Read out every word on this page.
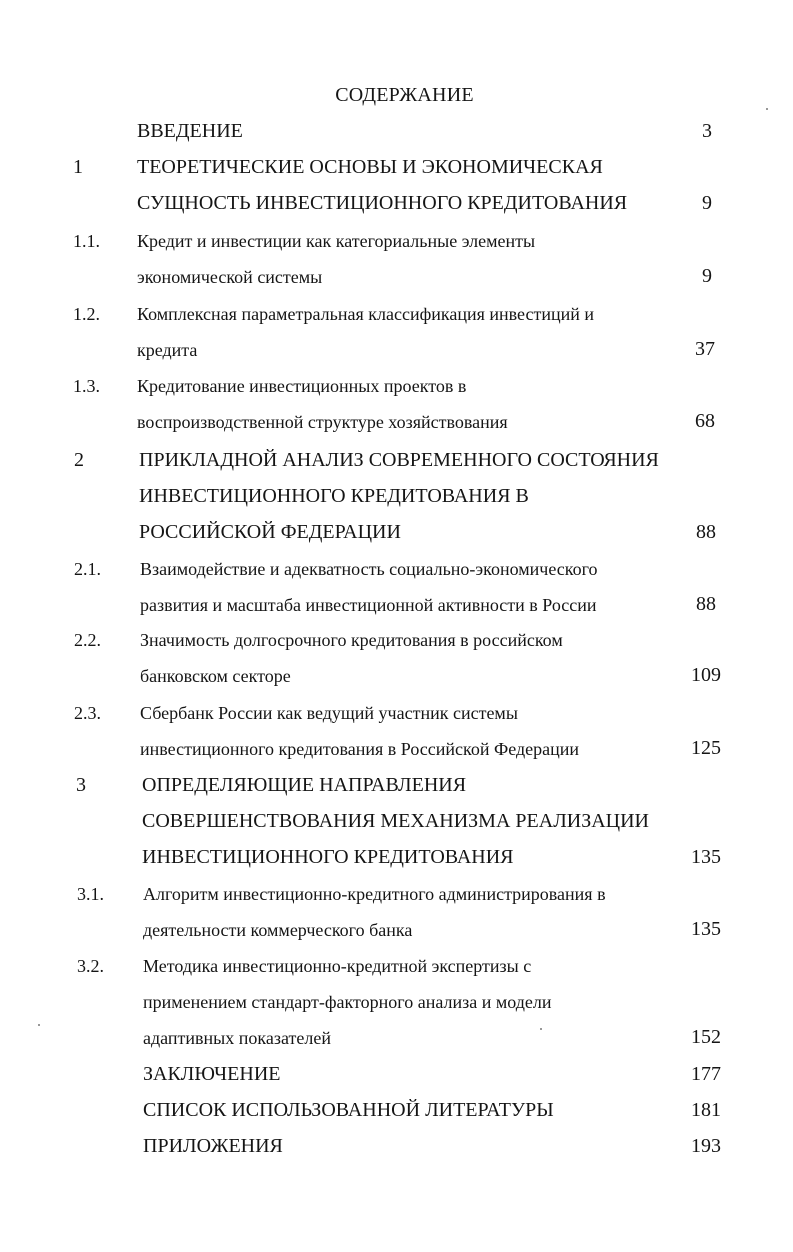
СОДЕРЖАНИЕ
ВВЕДЕНИЕ	3
1	ТЕОРЕТИЧЕСКИЕ ОСНОВЫ И ЭКОНОМИЧЕСКАЯ
СУЩНОСТЬ ИНВЕСТИЦИОННОГО КРЕДИТОВАНИЯ	9
1.1. Кредит и инвестиции как категориальные элементы
экономической системы	9
1.2. Комплексная параметральная классификация инвестиций и
кредита	37
1.3. Кредитование инвестиционных проектов в
воспроизводственной структуре хозяйствования	68
2	ПРИКЛАДНОЙ АНАЛИЗ СОВРЕМЕННОГО СОСТОЯНИЯ
ИНВЕСТИЦИОННОГО КРЕДИТОВАНИЯ В
РОССИЙСКОЙ ФЕДЕРАЦИИ	88
2.1. Взаимодействие и адекватность социально-экономического
развития и масштаба инвестиционной активности в России	88
2.2. Значимость долгосрочного кредитования в российском
банковском секторе	109
2.3. Сбербанк России как ведущий участник системы
инвестиционного кредитования в Российской Федерации	125
3	ОПРЕДЕЛЯЮЩИЕ НАПРАВЛЕНИЯ
СОВЕРШЕНСТВОВАНИЯ МЕХАНИЗМА РЕАЛИЗАЦИИ
ИНВЕСТИЦИОННОГО КРЕДИТОВАНИЯ	135
3.1. Алгоритм инвестиционно-кредитного администрирования в
деятельности коммерческого банка	135
3.2. Методика инвестиционно-кредитной экспертизы с
применением стандарт-факторного анализа и модели
адаптивных показателей	152
ЗАКЛЮЧЕНИЕ	177
СПИСОК ИСПОЛЬЗОВАННОЙ ЛИТЕРАТУРЫ	181
ПРИЛОЖЕНИЯ	193
